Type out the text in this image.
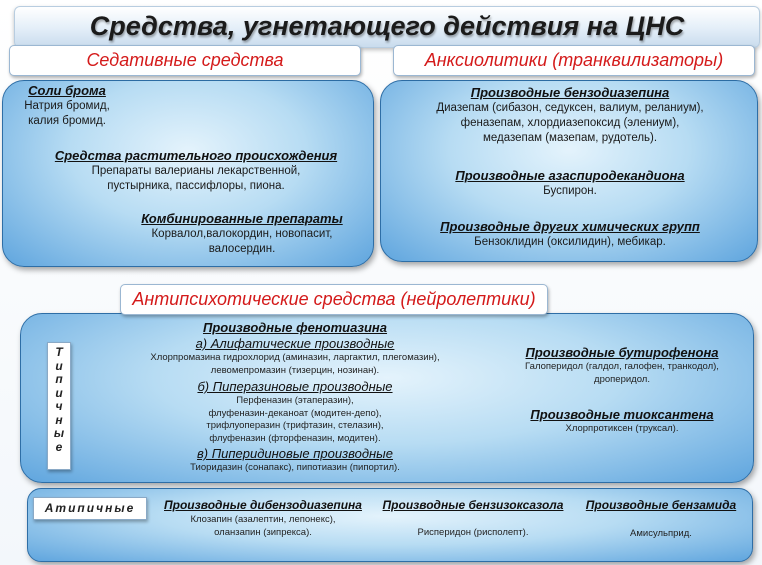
Средства, угнетающего действия на ЦНС
Седативные средства
Соли брома
Натрия бромид,
калия бромид.
Средства растительного происхождения
Препараты валерианы лекарственной,
пустырника, пассифлоры, пиона.
Комбинированные препараты
Корвалол,валокордин, новопасит,
валосердин.
Анксиолитики (транквилизаторы)
Производные бензодиазепина
Диазепам (сибазон, седуксен, валиум, реланиум),
феназепам, хлордиазепоксид (элениум),
медазепам (мазепам, рудотель).
Производные азаспиродекандиона
Буспирон.
Производные других химических групп
Бензоклидин (оксилидин), мебикар.
Антипсихотические средства (нейролептики)
Т
и
п
и
ч
н
ы
е
Производные фенотиазина
а) Алифатические производные
Хлорпромазина гидрохлорид (аминазин, ларгактил, плегомазин),
левомепромазин (тизерцин, нозинан).
б) Пиперазиновые производные
Перфеназин (этаперазин),
флуфеназин-деканоат (модитен-депо),
трифлуоперазин (трифтазин, стелазин),
флуфеназин (фторфеназин, модитен).
в) Пиперидиновые производные
Тиоридазин (сонапакс), пипотиазин (пипортил).
Производные бутирофенона
Галоперидол (галдол, галофен, транкодол),
дроперидол.
Производные тиоксантена
Хлорпротиксен (труксал).
Атипичные	Производные дибензодиазепина
Клозапин (азалептин, лепонекс),
оланзапин (зипрекса).
Производные бензизоксазола
Рисперидон (рисполепт).
Производные бензамида
Амисульприд.
